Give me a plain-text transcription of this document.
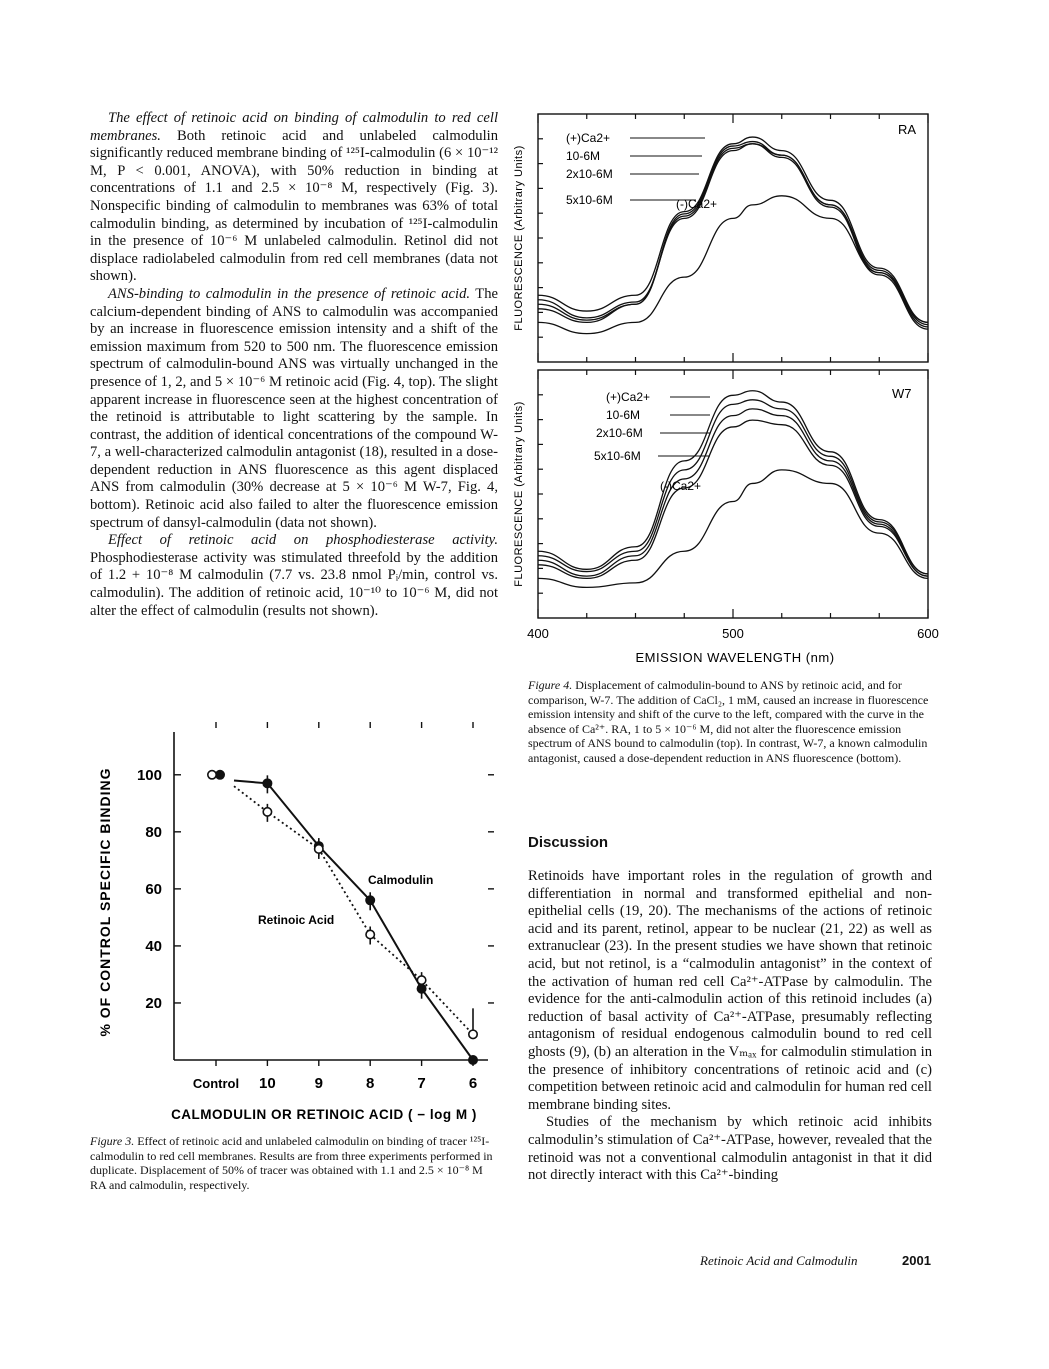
The effect of retinoic acid on binding of calmodulin to red cell membranes. Both retinoic acid and unlabeled calmodulin significantly reduced membrane binding of ¹²⁵I-calmodulin (6 × 10⁻¹² M, P < 0.001, ANOVA), with 50% reduction in binding at concentrations of 1.1 and 2.5 × 10⁻⁸ M, respectively (Fig. 3). Nonspecific binding of calmodulin to membranes was 63% of total calmodulin binding, as determined by incubation of ¹²⁵I-calmodulin in the presence of 10⁻⁶ M unlabeled calmodulin. Retinol did not displace radiolabeled calmodulin from red cell membranes (data not shown).

ANS-binding to calmodulin in the presence of retinoic acid. The calcium-dependent binding of ANS to calmodulin was accompanied by an increase in fluorescence emission intensity and a shift of the emission maximum from 520 to 500 nm. The fluorescence emission spectrum of calmodulin-bound ANS was virtually unchanged in the presence of 1, 2, and 5 × 10⁻⁶ M retinoic acid (Fig. 4, top). The slight apparent increase in fluorescence seen at the highest concentration of the retinoid is attributable to light scattering by the sample. In contrast, the addition of identical concentrations of the compound W-7, a well-characterized calmodulin antagonist (18), resulted in a dose-dependent reduction in ANS fluorescence as this agent displaced ANS from calmodulin (30% decrease at 5 × 10⁻⁶ M W-7, Fig. 4, bottom). Retinoic acid also failed to alter the fluorescence emission spectrum of dansyl-calmodulin (data not shown).

Effect of retinoic acid on phosphodiesterase activity. Phosphodiesterase activity was stimulated threefold by the addition of 1.2 + 10⁻⁸ M calmodulin (7.7 vs. 23.8 nmol Pᵢ/min, control vs. calmodulin). The addition of retinoic acid, 10⁻¹⁰ to 10⁻⁶ M, did not alter the effect of calmodulin (results not shown).

20
40
60
80
100
Control 10	9	8	7	6
% OF CONTROL SPECIFIC BINDING
CALMODULIN OR RETINOIC ACID ( − log M )
Calmodulin
Retinoic Acid
Figure 3. Effect of retinoic acid and unlabeled calmodulin on binding of tracer ¹²⁵I-calmodulin to red cell membranes. Results are from three experiments performed in duplicate. Displacement of 50% of tracer was obtained with 1.1 and 2.5 × 10⁻⁸ M RA and calmodulin, respectively.
400	500	600
(+)Ca2+
10-6M
2x10-6M
5x10-6M	(-)Ca2+
(+)Ca2+
10-6M
2x10-6M
5x10-6M
(-)Ca2+
FLUORESCENCE (Arbitrary Units)
FLUORESCENCE (Arbitrary Units)
RA
W7
EMISSION WAVELENGTH (nm)
Figure 4. Displacement of calmodulin-bound to ANS by retinoic acid, and for comparison, W-7. The addition of CaCl₂, 1 mM, caused an increase in fluorescence emission intensity and shift of the curve to the left, compared with the curve in the absence of Ca²⁺. RA, 1 to 5 × 10⁻⁶ M, did not alter the fluorescence emission spectrum of ANS bound to calmodulin (top). In contrast, W-7, a known calmodulin antagonist, caused a dose-dependent reduction in ANS fluorescence (bottom).
Discussion

Retinoids have important roles in the regulation of growth and differentiation in normal and transformed epithelial and non-epithelial cells (19, 20). The mechanisms of the actions of retinoic acid and its parent, retinol, appear to be nuclear (21, 22) as well as extranuclear (23). In the present studies we have shown that retinoic acid, but not retinol, is a “calmodulin antagonist” in the context of the activation of human red cell Ca²⁺-ATPase by calmodulin. The evidence for the anti-calmodulin action of this retinoid includes (a) reduction of basal activity of Ca²⁺-ATPase, presumably reflecting antagonism of residual endogenous calmodulin bound to red cell ghosts (9), (b) an alteration in the Vₘₐₓ for calmodulin stimulation in the presence of inhibitory concentrations of retinoic acid and (c) competition between retinoic acid and calmodulin for human red cell membrane binding sites.

Studies of the mechanism by which retinoic acid inhibits calmodulin’s stimulation of Ca²⁺-ATPase, however, revealed that the retinoid was not a conventional calmodulin antagonist in that it did not directly interact with this Ca²⁺-binding

Retinoic Acid and Calmodulin	2001
